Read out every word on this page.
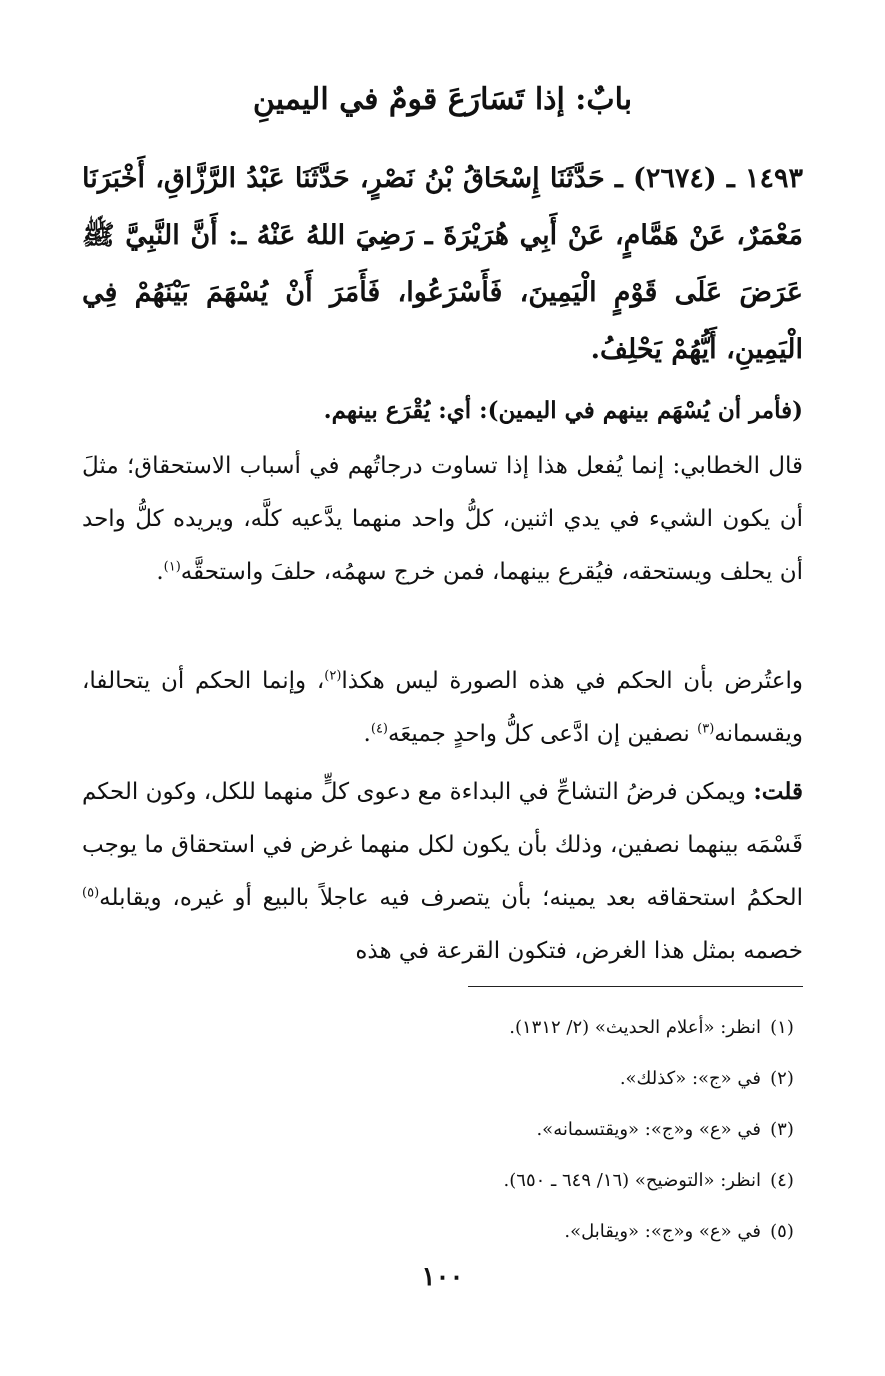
بابٌ: إذا تَسَارَعَ قومٌ في اليمينِ

١٤٩٣ ـ (٢٦٧٤) ـ حَدَّثَنَا إِسْحَاقُ بْنُ نَصْرٍ، حَدَّثَنَا عَبْدُ الرَّزَّاقِ، أَخْبَرَنَا مَعْمَرٌ، عَنْ هَمَّامٍ، عَنْ أَبِي هُرَيْرَةَ ـ رَضِيَ اللهُ عَنْهُ ـ: أَنَّ النَّبِيَّ ﷺ عَرَضَ عَلَى قَوْمٍ الْيَمِينَ، فَأَسْرَعُوا، فَأَمَرَ أَنْ يُسْهَمَ بَيْنَهُمْ فِي الْيَمِينِ، أَيُّهُمْ يَحْلِفُ.

(فأمر أن يُسْهَم بينهم في اليمين): أي: يُقْرَع بينهم.

قال الخطابي: إنما يُفعل هذا إذا تساوت درجاتُهم في أسباب الاستحقاق؛ مثلَ أن يكون الشيء في يدي اثنين، كلُّ واحد منهما يدَّعيه كلَّه، ويريده كلُّ واحد أن يحلف ويستحقه، فيُقرع بينهما، فمن خرج سهمُه، حلفَ واستحقَّه$^{(١)}$.

واعتُرض بأن الحكم في هذه الصورة ليس هكذا$^{(٢)}$، وإنما الحكم أن يتحالفا، ويقسمانه$^{(٣)}$ نصفين إن ادَّعى كلُّ واحدٍ جميعَه$^{(٤)}$.

قلت: ويمكن فرضُ التشاحِّ في البداءة مع دعوى كلٍّ منهما للكل، وكون الحكم قَسْمَه بينهما نصفين، وذلك بأن يكون لكل منهما غرض في استحقاق ما يوجب الحكمُ استحقاقه بعد يمينه؛ بأن يتصرف فيه عاجلاً بالبيع أو غيره، ويقابله$^{(٥)}$ خصمه بمثل هذا الغرض، فتكون القرعة في هذه

(١)
انظر: «أعلام الحديث» (٢/ ١٣١٢).
(٢)
في «ج»: «كذلك».
(٣)
في «ع» و«ج»: «ويقتسمانه».
(٤)
انظر: «التوضيح» (١٦/ ٦٤٩ ـ ٦٥٠).
(٥)
في «ع» و«ج»: «ويقابل».
١٠٠
